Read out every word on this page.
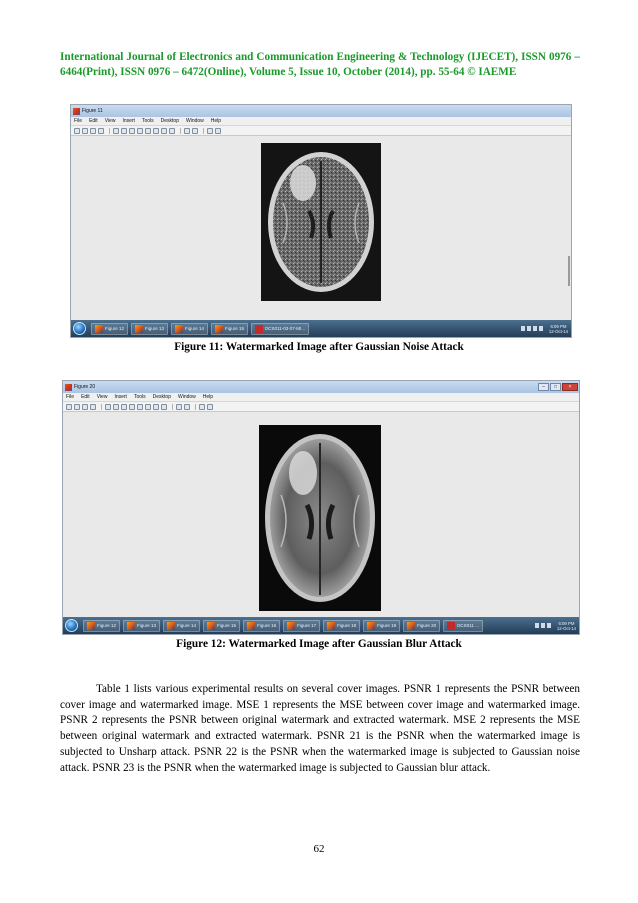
International Journal of Electronics and Communication Engineering & Technology (IJECET), ISSN 0976 – 6464(Print), ISSN 0976 – 6472(Online), Volume 5, Issue 10, October (2014), pp. 55-64 © IAEME
Figure 11
File Edit View Insert Tools Desktop Window Help
Figure 12	Figure 13	Figure 14	Figure 15	DCS011-03-07-MI...	6:09 PM
12-Oct-14
Figure 11: Watermarked Image after Gaussian Noise Attack
Figure 20	–	□	×
File Edit View Insert Tools Desktop Window Help
Figure 12	Figure 13	Figure 14	Figure 15	Figure 16	Figure 17	Figure 18	Figure 19	Figure 20	DCS011 ...	6:09 PM
12-Oct-14
Figure 12: Watermarked Image after Gaussian Blur Attack

Table 1 lists various experimental results on several cover images. PSNR 1 represents the PSNR between cover image and watermarked image. MSE 1 represents the MSE between cover image and watermarked image. PSNR 2 represents the PSNR between original watermark and extracted watermark. MSE 2 represents the MSE between original watermark and extracted watermark. PSNR 21 is the PSNR when the watermarked image is subjected to Unsharp attack. PSNR 22 is the PSNR when the watermarked image is subjected to Gaussian noise attack. PSNR 23 is the PSNR when the watermarked image is subjected to Gaussian blur attack.

62
